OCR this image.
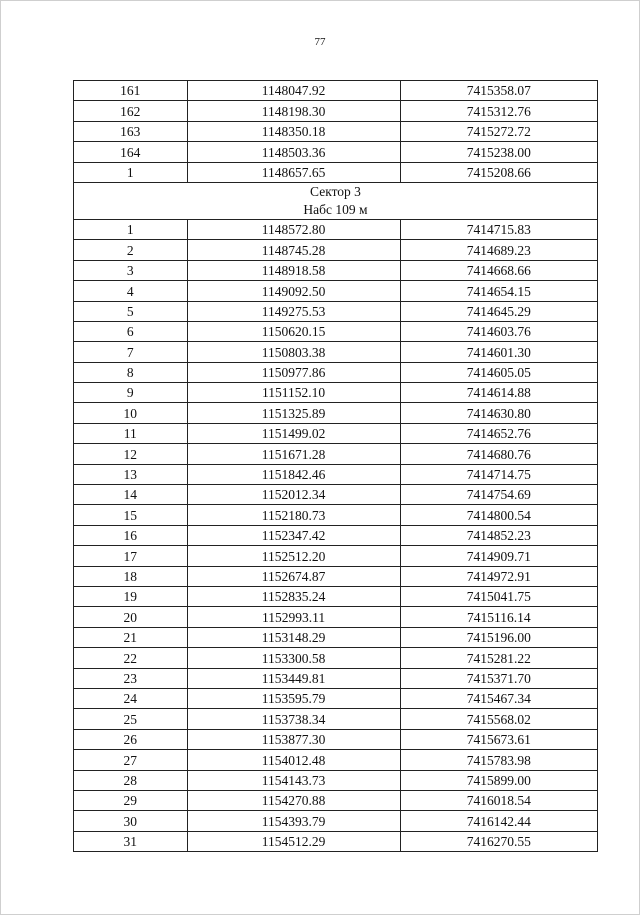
77
161	1148047.92	7415358.07
162	1148198.30	7415312.76
163	1148350.18	7415272.72
164	1148503.36	7415238.00
1	1148657.65	7415208.66

Сектор 3
Набс 109 м		

1	1148572.80	7414715.83
2	1148745.28	7414689.23
3	1148918.58	7414668.66
4	1149092.50	7414654.15
5	1149275.53	7414645.29
6	1150620.15	7414603.76
7	1150803.38	7414601.30
8	1150977.86	7414605.05
9	1151152.10	7414614.88
10	1151325.89	7414630.80
11	1151499.02	7414652.76
12	1151671.28	7414680.76
13	1151842.46	7414714.75
14	1152012.34	7414754.69
15	1152180.73	7414800.54
16	1152347.42	7414852.23
17	1152512.20	7414909.71
18	1152674.87	7414972.91
19	1152835.24	7415041.75
20	1152993.11	7415116.14
21	1153148.29	7415196.00
22	1153300.58	7415281.22
23	1153449.81	7415371.70
24	1153595.79	7415467.34
25	1153738.34	7415568.02
26	1153877.30	7415673.61
27	1154012.48	7415783.98
28	1154143.73	7415899.00
29	1154270.88	7416018.54
30	1154393.79	7416142.44
31	1154512.29	7416270.55
